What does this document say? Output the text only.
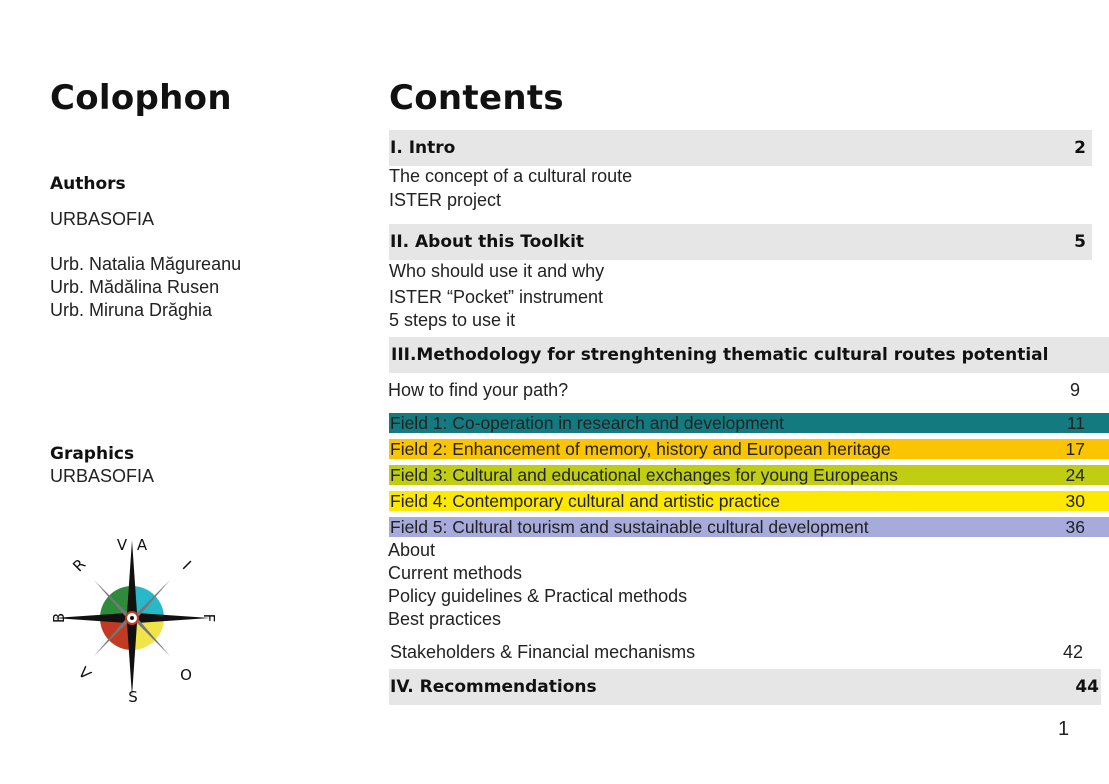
Colophon
Authors
URBASOFIA
Urb. Natalia Măgureanu
Urb. Mădălina Rusen
Urb. Miruna Drăghia
Graphics
URBASOFIA
V A
R	I
B	F
V	O
S
Contents
I. Intro	2
The concept of a cultural route
ISTER project
II. About this Toolkit	5
Who should use it and why
ISTER “Pocket” instrument
5 steps to use it
III.Methodology for strenghtening thematic cultural routes potential
How to find your path?	9
Field 1: Co-operation in research and development	11
Field 2: Enhancement of memory, history and European heritage	17
Field 3: Cultural and educational exchanges for young Europeans	24
Field 4: Contemporary cultural and artistic practice	30
Field 5: Cultural tourism and sustainable cultural development	36
About
Current methods
Policy guidelines & Practical methods
Best practices
Stakeholders & Financial mechanisms	42
IV. Recommendations	44
1
